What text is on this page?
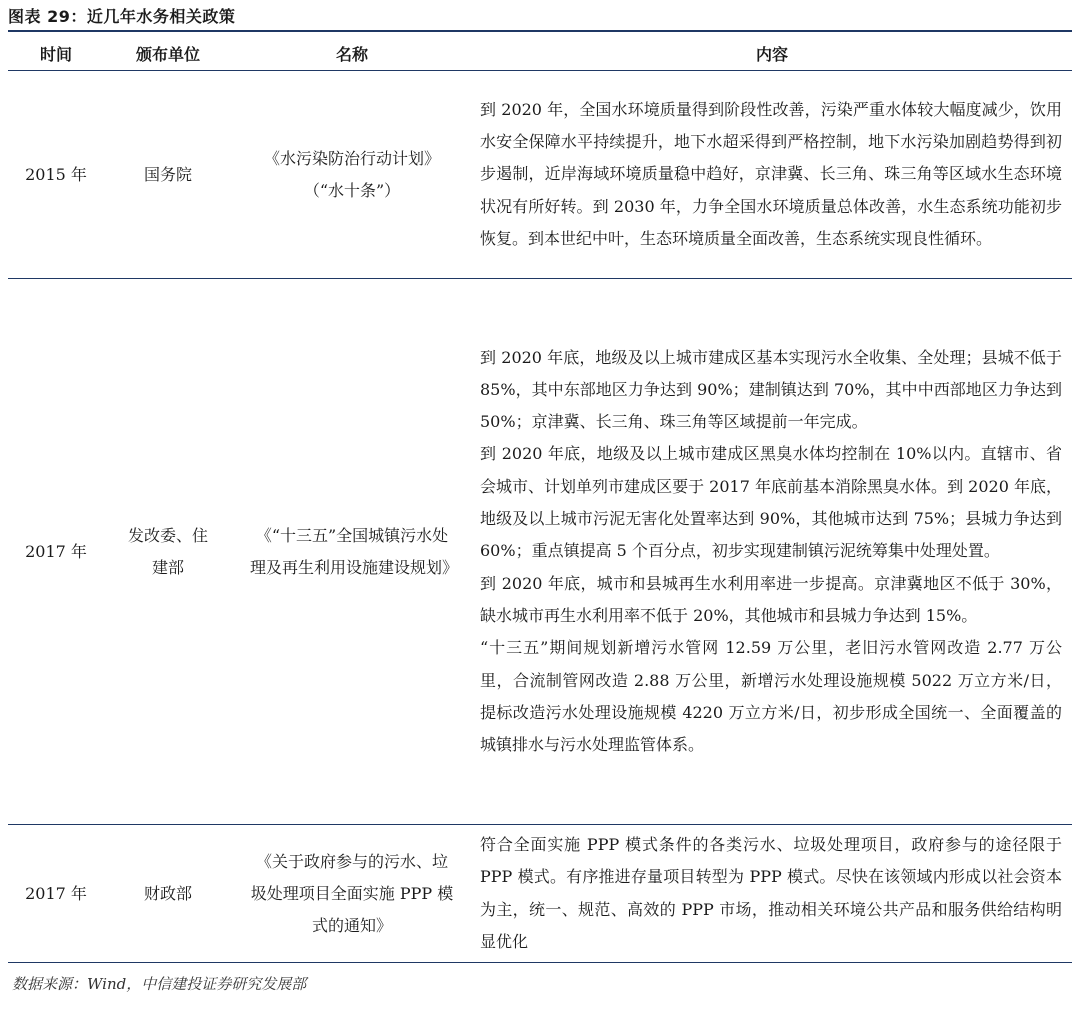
图表 29：近几年水务相关政策
时间	颁布单位	名称	内容
2015 年	国务院	《水污染防治行动计划》（“水十条”）	到 2020 年，全国水环境质量得到阶段性改善，污染严重水体较大幅度减少，饮用水安全保障水平持续提升，地下水超采得到严格控制，地下水污染加剧趋势得到初步遏制，近岸海域环境质量稳中趋好，京津冀、长三角、珠三角等区域水生态环境状况有所好转。到 2030 年，力争全国水环境质量总体改善，水生态系统功能初步恢复。到本世纪中叶，生态环境质量全面改善，生态系统实现良性循环。

2017 年	发改委、住建部	《“十三五”全国城镇污水处理及再生利用设施建设规划》	到 2020 年底，地级及以上城市建成区基本实现污水全收集、全处理；县城不低于 85%，其中东部地区力争达到 90%；建制镇达到 70%，其中中西部地区力争达到 50%；京津冀、长三角、珠三角等区域提前一年完成。

到 2020 年底，地级及以上城市建成区黑臭水体均控制在 10%以内。直辖市、省会城市、计划单列市建成区要于 2017 年底前基本消除黑臭水体。到 2020 年底，地级及以上城市污泥无害化处置率达到 90%，其他城市达到 75%；县城力争达到 60%；重点镇提高 5 个百分点，初步实现建制镇污泥统筹集中处理处置。

到 2020 年底，城市和县城再生水利用率进一步提高。京津冀地区不低于 30%，缺水城市再生水利用率不低于 20%，其他城市和县城力争达到 15%。

“十三五”期间规划新增污水管网 12.59 万公里，老旧污水管网改造 2.77 万公里，合流制管网改造 2.88 万公里，新增污水处理设施规模 5022 万立方米/日，提标改造污水处理设施规模 4220 万立方米/日，初步形成全国统一、全面覆盖的城镇排水与污水处理监管体系。

2017 年	财政部	《关于政府参与的污水、垃圾处理项目全面实施 PPP 模式的通知》	符合全面实施 PPP 模式条件的各类污水、垃圾处理项目，政府参与的途径限于 PPP 模式。有序推进存量项目转型为 PPP 模式。尽快在该领域内形成以社会资本为主，统一、规范、高效的 PPP 市场，推动相关环境公共产品和服务供给结构明显优化

数据来源：Wind，中信建投证券研究发展部
